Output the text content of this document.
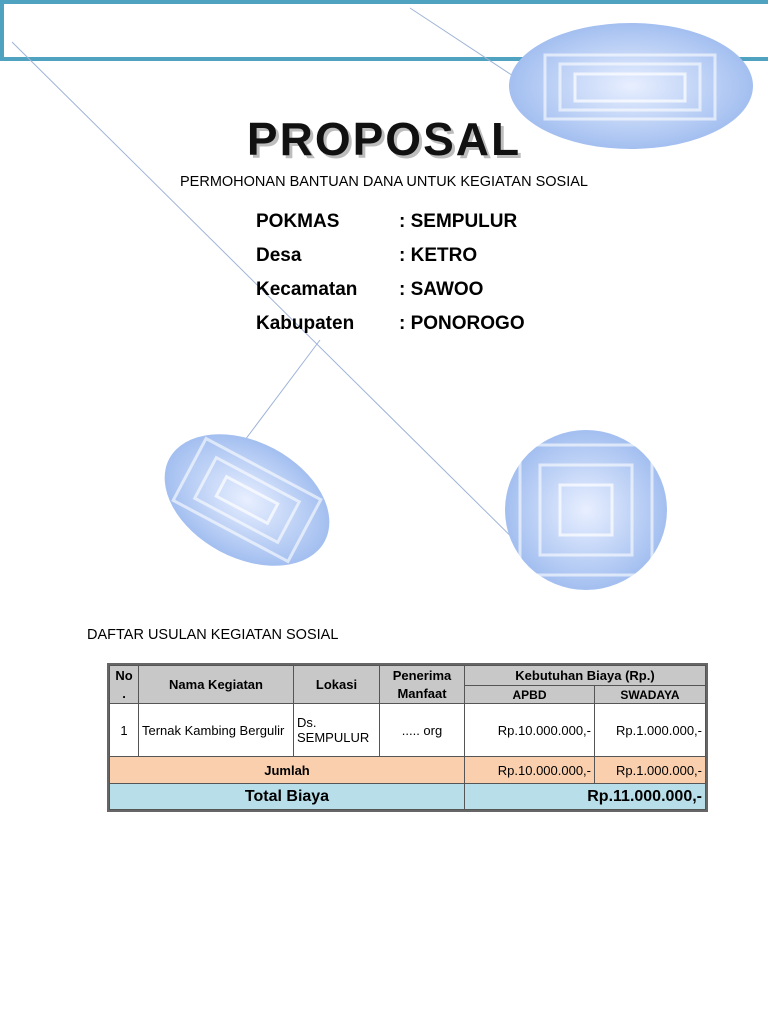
PROPOSAL
PERMOHONAN BANTUAN DANA UNTUK KEGIATAN SOSIAL
POKMAS	: SEMPULUR
Desa	: KETRO
Kecamatan	: SAWOO
Kabupaten	: PONOROGO
DAFTAR USULAN KEGIATAN SOSIAL
No .	Nama Kegiatan	Lokasi	Penerima Manfaat	Kebutuhan Biaya (Rp.)	
				APBD	SWADAYA
1	Ternak Kambing Bergulir	Ds. SEMPULUR	..... org	Rp.10.000.000,-	Rp.1.000.000,-
Jumlah				Rp.10.000.000,-	Rp.1.000.000,-
Total Biaya				Rp.11.000.000,-	
